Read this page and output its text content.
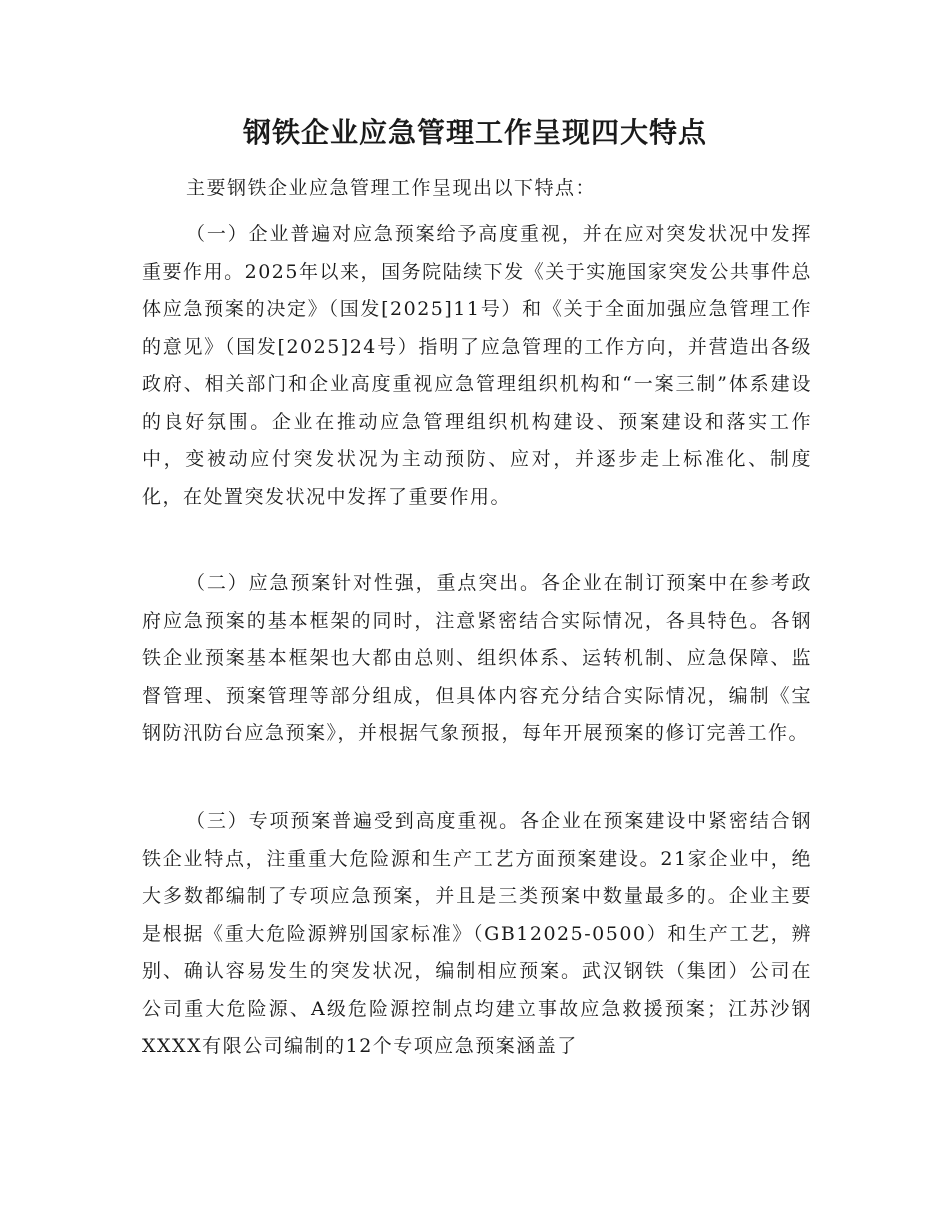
钢铁企业应急管理工作呈现四大特点
主要钢铁企业应急管理工作呈现出以下特点：
（一）企业普遍对应急预案给予高度重视，并在应对突发状况中发挥重要作用。2025年以来，国务院陆续下发《关于实施国家突发公共事件总体应急预案的决定》（国发[2025]11号）和《关于全面加强应急管理工作的意见》（国发[2025]24号）指明了应急管理的工作方向，并营造出各级政府、相关部门和企业高度重视应急管理组织机构和“一案三制”体系建设的良好氛围。企业在推动应急管理组织机构建设、预案建设和落实工作中，变被动应付突发状况为主动预防、应对，并逐步走上标准化、制度化，在处置突发状况中发挥了重要作用。
（二）应急预案针对性强，重点突出。各企业在制订预案中在参考政府应急预案的基本框架的同时，注意紧密结合实际情况，各具特色。各钢铁企业预案基本框架也大都由总则、组织体系、运转机制、应急保障、监督管理、预案管理等部分组成，但具体内容充分结合实际情况，编制《宝钢防汛防台应急预案》，并根据气象预报，每年开展预案的修订完善工作。
（三）专项预案普遍受到高度重视。各企业在预案建设中紧密结合钢铁企业特点，注重重大危险源和生产工艺方面预案建设。21家企业中，绝大多数都编制了专项应急预案，并且是三类预案中数量最多的。企业主要是根据《重大危险源辨别国家标准》（GB12025-0500）和生产工艺，辨别、确认容易发生的突发状况，编制相应预案。武汉钢铁（集团）公司在公司重大危险源、A级危险源控制点均建立事故应急救援预案；江苏沙钢XXXX有限公司编制的12个专项应急预案涵盖了
